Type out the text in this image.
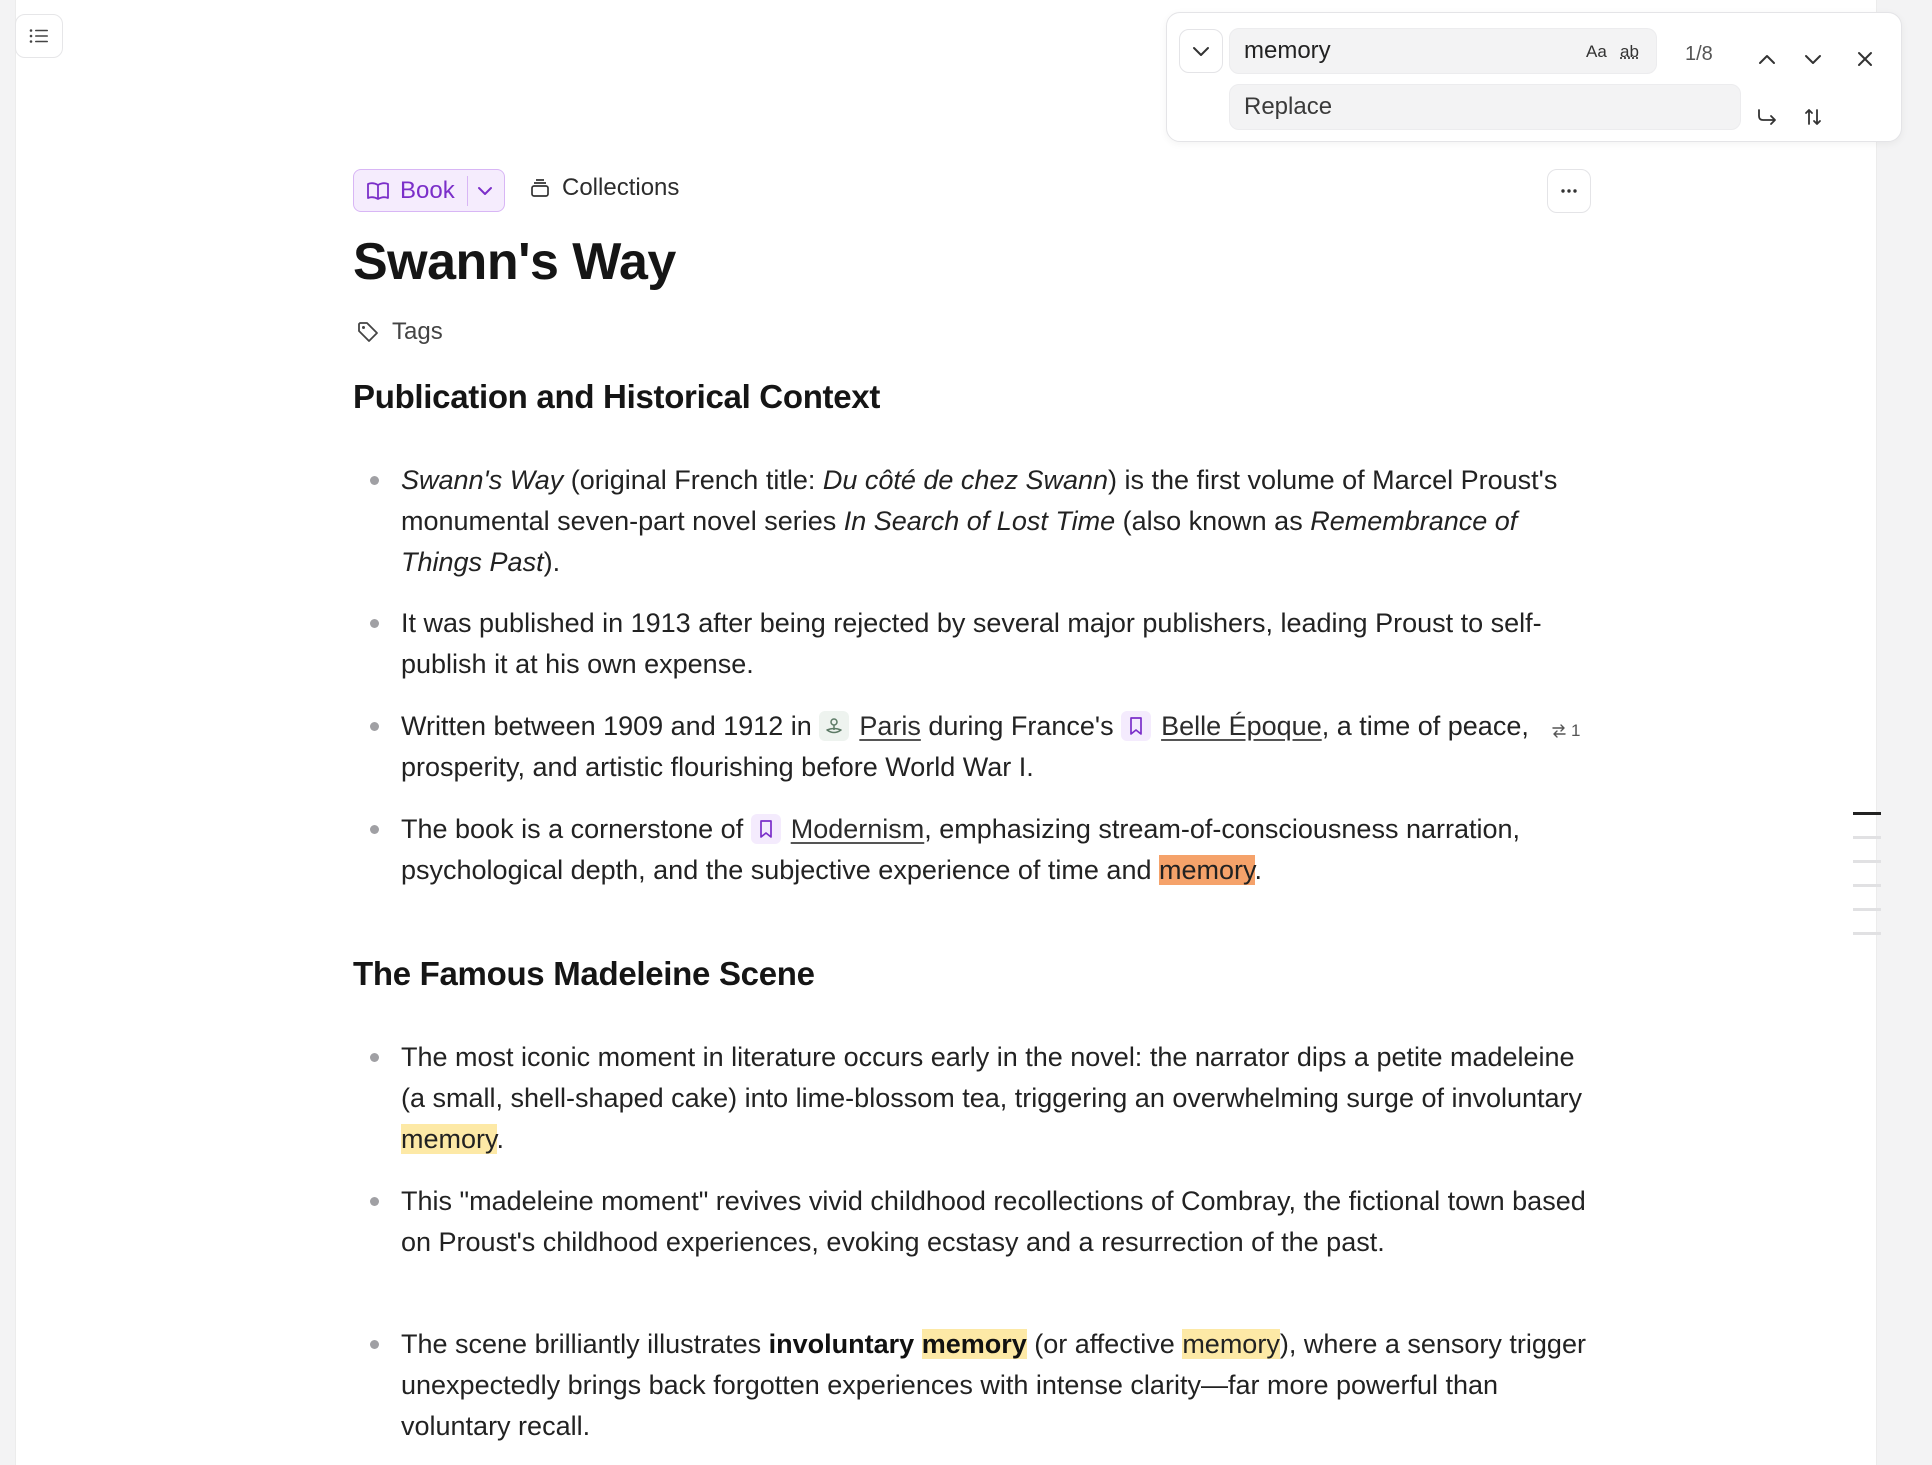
memory	Aa ab 1/8
Replace
Book	Collections
Swann's Way
Tags
Publication and Historical Context

Swann's Way (original French title: Du côté de chez Swann) is the first volume of Marcel Proust's monumental seven-part novel series In Search of Lost Time (also known as Remembrance of Things Past).

It was published in 1913 after being rejected by several major publishers, leading Proust to self-publish it at his own expense.

Written between 1909 and 1912 in
Paris during France's
Belle Époque, a time of peace, prosperity, and artistic flourishing before World War I.

1

The book is a cornerstone of
Modernism, emphasizing stream-of-consciousness narration, psychological depth, and the subjective experience of time and memory.

The Famous Madeleine Scene

The most iconic moment in literature occurs early in the novel: the narrator dips a petite madeleine (a small, shell-shaped cake) into lime-blossom tea, triggering an overwhelming surge of involuntary memory.

This "madeleine moment" revives vivid childhood recollections of Combray, the fictional town based on Proust's childhood experiences, evoking ecstasy and a resurrection of the past.

The scene brilliantly illustrates involuntary memory (or affective memory), where a sensory trigger unexpectedly brings back forgotten experiences with intense clarity—far more powerful than voluntary recall.
